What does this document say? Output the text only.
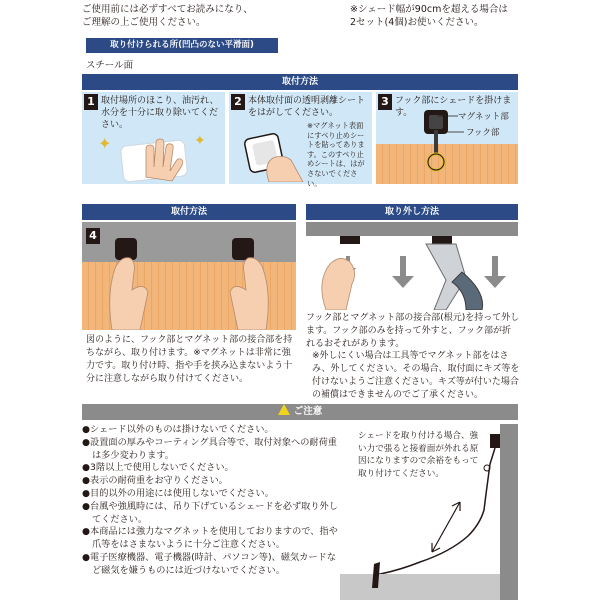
ご使用前には必ずすべてお読みになり、
ご理解の上ご使用ください。
※シェード幅が90cmを超える場合は
2セット(4個)お使いください。
取り付けられる所(凹凸のない平滑面)
スチール面
取付方法
1 取付場所のほこり、油汚れ、水分を十分に取り除いてください。
✦	✦
2 本体取付面の透明剥離シートをはがしてください。
※マグネット表面にすべり止めシートを貼ってあります。このすべり止めシートは、はがさないでください。
3 フック部にシェードを掛けます。	マグネット部
フック部
取付方法
4
図のように、フック部とマグネット部の接合部を持ちながら、取り付けます。※マグネットは非常に強力です。取り付け時、指や手を挟み込まないよう十分に注意しながら取り付けてください。
取り外し方法
フック部とマグネット部の接合部(根元)を持って外します。フック部のみを持って外すと、フック部が折れるおそれがあります。
※外しにくい場合は工具等でマグネット部をはさみ、外してください。その場合、取付面にキズ等を付けないようご注意ください。キズ等が付いた場合の補償はできませんのでご了承ください。
ご注意
●シェード以外のものは掛けないでください。
●設置面の厚みやコーティング具合等で、取付対象への耐荷重は多少変わります。
●3階以上で使用しないでください。
●表示の耐荷重をお守りください。
●目的以外の用途には使用しないでください。
●台風や強風時には、吊り下げているシェードを必ず取り外してください。
●本商品には強力なマグネットを使用しておりますので、指や爪等をはさまないように十分ご注意ください。
●電子医療機器、電子機器(時計、パソコン等)、磁気カードなど磁気を嫌うものには近づけないでください。
シェードを取り付ける場合、強い力で張ると接着面が外れる原因になりますので余裕をもって取り付けてください。
